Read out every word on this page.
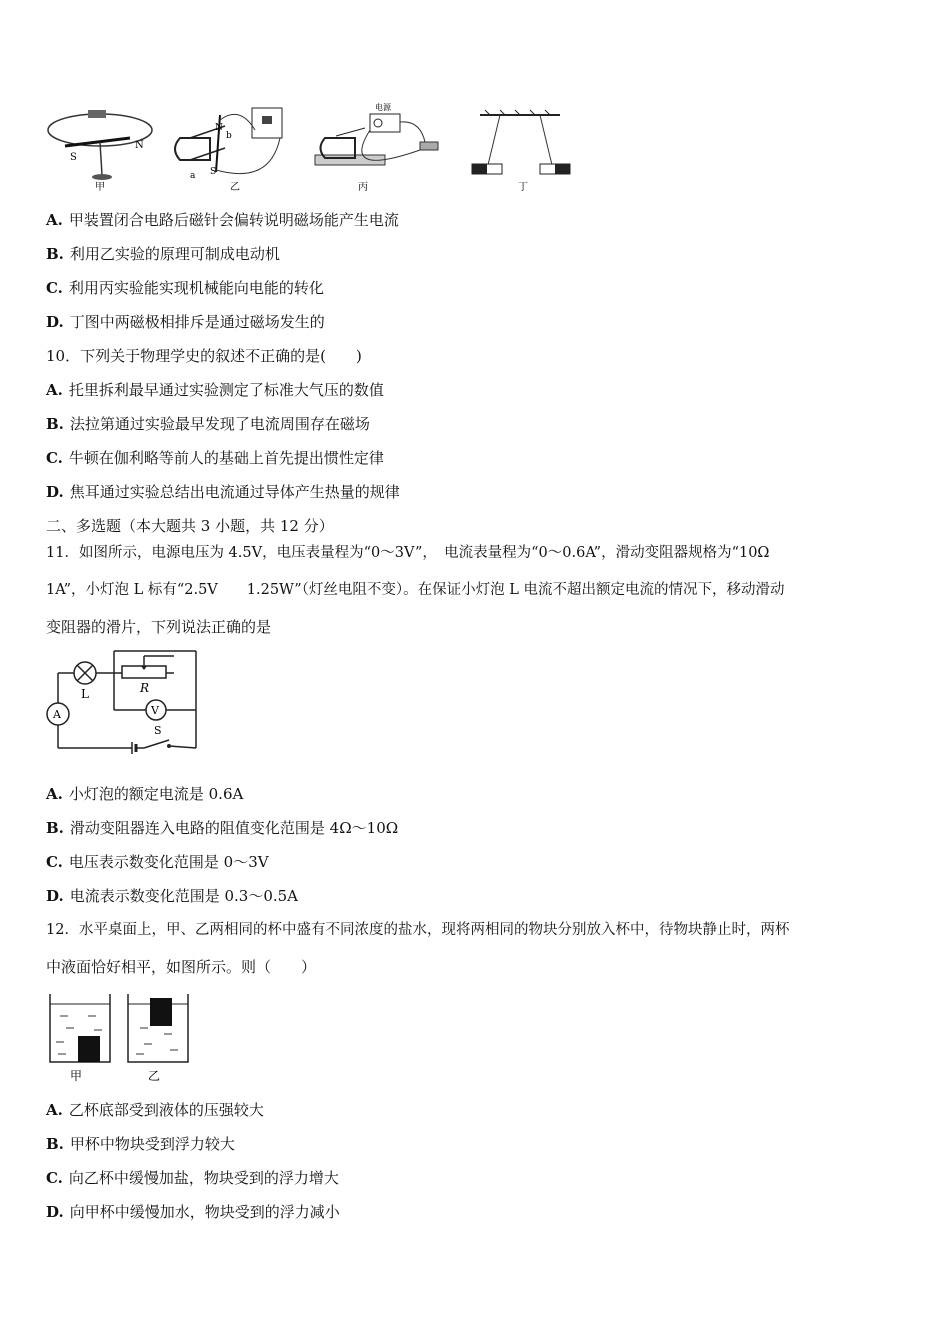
S
N
甲
N
S
b
a
乙
电源
丙	丁
A. 甲装置闭合电路后磁针会偏转说明磁场能产生电流
B. 利用乙实验的原理可制成电动机
C. 利用丙实验能实现机械能向电能的转化
D. 丁图中两磁极相排斥是通过磁场发生的
10．下列关于物理学史的叙述不正确的是(　　)
A. 托里拆利最早通过实验测定了标准大气压的数值
B. 法拉第通过实验最早发现了电流周围存在磁场
C. 牛顿在伽利略等前人的基础上首先提出惯性定律
D. 焦耳通过实验总结出电流通过导体产生热量的规律
二、多选题（本大题共 3 小题，共 12 分）
11．如图所示，电源电压为 4.5V，电压表量程为“0～3V”，　电流表量程为“0～0.6A”，滑动变阻器规格为“10Ω
1A”，小灯泡 L 标有“2.5V　　1.25W”（灯丝电阻不变）。在保证小灯泡 L 电流不超出额定电流的情况下，移动滑动
变阻器的滑片，下列说法正确的是
L	R
A	V
S
A. 小灯泡的额定电流是 0.6A
B. 滑动变阻器连入电路的阻值变化范围是 4Ω～10Ω
C. 电压表示数变化范围是 0～3V
D. 电流表示数变化范围是 0.3～0.5A
12．水平桌面上，甲、乙两相同的杯中盛有不同浓度的盐水，现将两相同的物块分别放入杯中，待物块静止时，两杯
中液面恰好相平，如图所示。则（　　）
甲	乙
A. 乙杯底部受到液体的压强较大
B. 甲杯中物块受到浮力较大
C. 向乙杯中缓慢加盐，物块受到的浮力增大
D. 向甲杯中缓慢加水，物块受到的浮力减小
